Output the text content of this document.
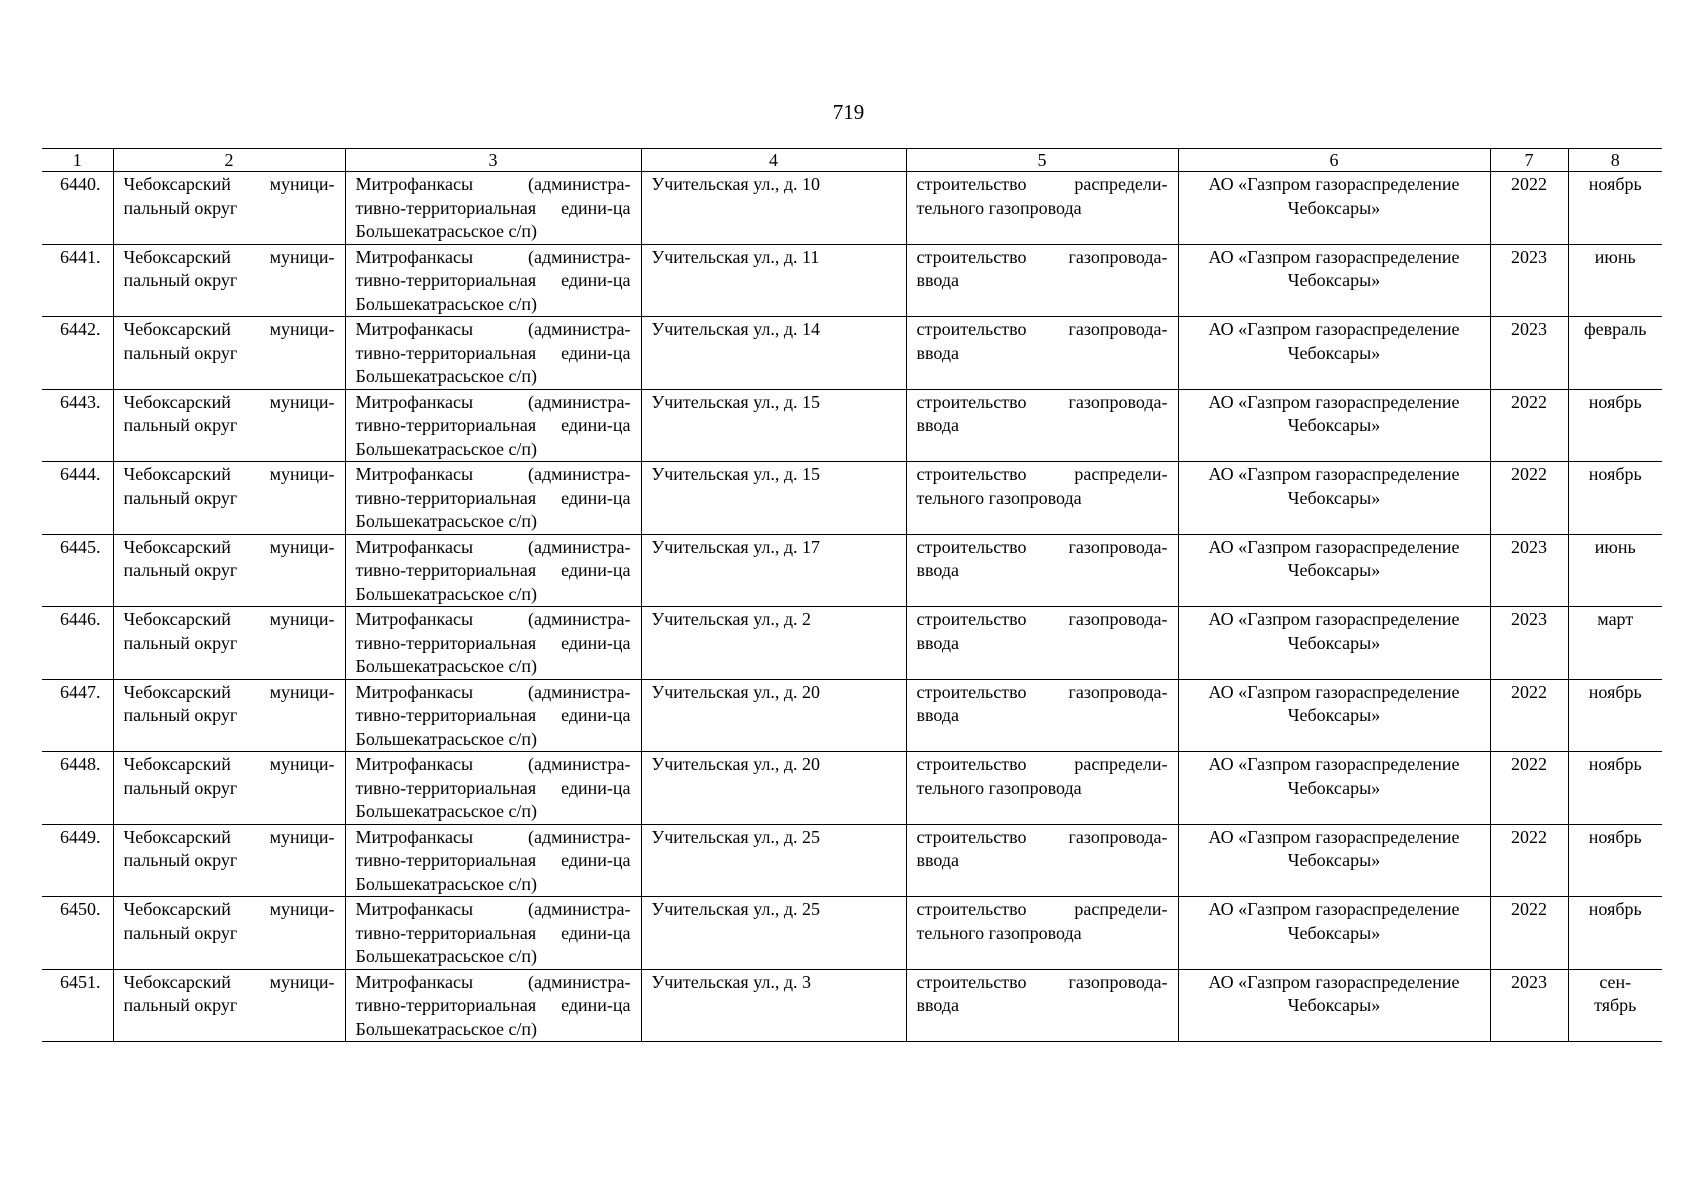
719
1	2	3	4	5	6	7	8
6440.	Чебоксарский муници-пальный округ	Митрофанкасы (администра-тивно-территориальная едини-ца Большекатрасьское с/п)	Учительская ул., д. 10	строительство распредели-тельного газопровода	АО «Газпром газораспределение Чебоксары»	2022	ноябрь
6441.	Чебоксарский муници-пальный округ	Митрофанкасы (администра-тивно-территориальная едини-ца Большекатрасьское с/п)	Учительская ул., д. 11	строительство газопровода-ввода	АО «Газпром газораспределение Чебоксары»	2023	июнь
6442.	Чебоксарский муници-пальный округ	Митрофанкасы (администра-тивно-территориальная едини-ца Большекатрасьское с/п)	Учительская ул., д. 14	строительство газопровода-ввода	АО «Газпром газораспределение Чебоксары»	2023	февраль
6443.	Чебоксарский муници-пальный округ	Митрофанкасы (администра-тивно-территориальная едини-ца Большекатрасьское с/п)	Учительская ул., д. 15	строительство газопровода-ввода	АО «Газпром газораспределение Чебоксары»	2022	ноябрь
6444.	Чебоксарский муници-пальный округ	Митрофанкасы (администра-тивно-территориальная едини-ца Большекатрасьское с/п)	Учительская ул., д. 15	строительство распредели-тельного газопровода	АО «Газпром газораспределение Чебоксары»	2022	ноябрь
6445.	Чебоксарский муници-пальный округ	Митрофанкасы (администра-тивно-территориальная едини-ца Большекатрасьское с/п)	Учительская ул., д. 17	строительство газопровода-ввода	АО «Газпром газораспределение Чебоксары»	2023	июнь
6446.	Чебоксарский муници-пальный округ	Митрофанкасы (администра-тивно-территориальная едини-ца Большекатрасьское с/п)	Учительская ул., д. 2	строительство газопровода-ввода	АО «Газпром газораспределение Чебоксары»	2023	март
6447.	Чебоксарский муници-пальный округ	Митрофанкасы (администра-тивно-территориальная едини-ца Большекатрасьское с/п)	Учительская ул., д. 20	строительство газопровода-ввода	АО «Газпром газораспределение Чебоксары»	2022	ноябрь
6448.	Чебоксарский муници-пальный округ	Митрофанкасы (администра-тивно-территориальная едини-ца Большекатрасьское с/п)	Учительская ул., д. 20	строительство распредели-тельного газопровода	АО «Газпром газораспределение Чебоксары»	2022	ноябрь
6449.	Чебоксарский муници-пальный округ	Митрофанкасы (администра-тивно-территориальная едини-ца Большекатрасьское с/п)	Учительская ул., д. 25	строительство газопровода-ввода	АО «Газпром газораспределение Чебоксары»	2022	ноябрь
6450.	Чебоксарский муници-пальный округ	Митрофанкасы (администра-тивно-территориальная едини-ца Большекатрасьское с/п)	Учительская ул., д. 25	строительство распредели-тельного газопровода	АО «Газпром газораспределение Чебоксары»	2022	ноябрь
6451.	Чебоксарский муници-пальный округ	Митрофанкасы (администра-тивно-территориальная едини-ца Большекатрасьское с/п)	Учительская ул., д. 3	строительство газопровода-ввода	АО «Газпром газораспределение Чебоксары»	2023	сен-тябрь
